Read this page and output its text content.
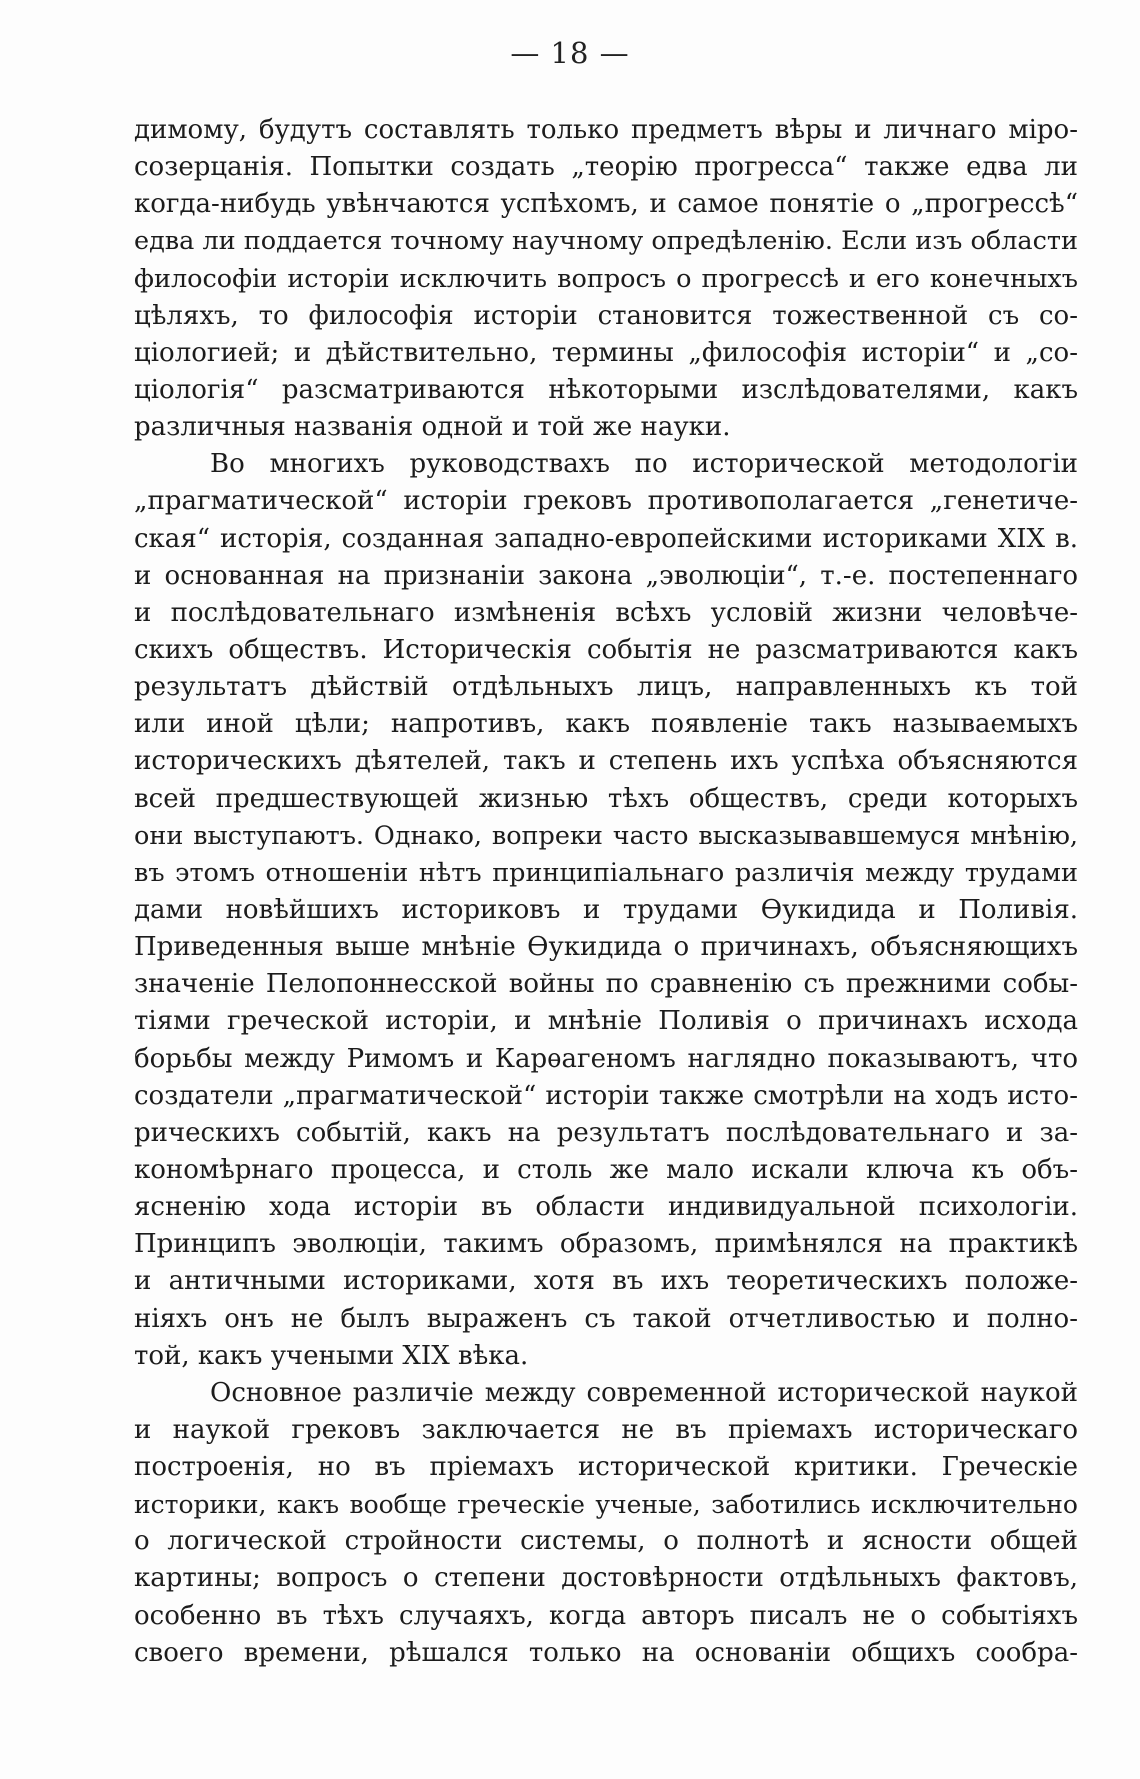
— 18 —
димому, будутъ составлять только предметъ вѣры и личнаго міро-
созерцанія. Попытки создать „теорію прогресса“ также едва ли
когда-нибудь увѣнчаются успѣхомъ, и самое понятіе о „прогрессѣ“
едва ли поддается точному научному опредѣленію. Если изъ области
философіи исторіи исключить вопросъ о прогрессѣ и его конечныхъ
цѣляхъ, то философія исторіи становится тожественной съ со-
ціологией; и дѣйствительно, термины „философія исторіи“ и „со-
ціологія“ разсматриваются нѣкоторыми изслѣдователями, какъ
различныя названія одной и той же науки.
Во многихъ руководствахъ по исторической методологіи
„прагматической“ исторіи грековъ противополагается „генетиче-
ская“ исторія, созданная западно-европейскими историками XIX в.
и основанная на признаніи закона „эволюціи“, т.-е. постепеннаго
и послѣдовательнаго измѣненія всѣхъ условій жизни человѣче-
скихъ обществъ. Историческія событія не разсматриваются какъ
результатъ дѣйствій отдѣльныхъ лицъ, направленныхъ къ той
или иной цѣли; напротивъ, какъ появленіе такъ называемыхъ
историческихъ дѣятелей, такъ и степень ихъ успѣха объясняются
всей предшествующей жизнью тѣхъ обществъ, среди которыхъ
они выступаютъ. Однако, вопреки часто высказывавшемуся мнѣнію,
въ этомъ отношеніи нѣтъ принципіальнаго различія между трудами
дами новѣйшихъ историковъ и трудами Ѳукидида и Поливія.
Приведенныя выше мнѣніе Ѳукидида о причинахъ, объясняющихъ
значеніе Пелопоннесской войны по сравненію съ прежними собы-
тіями греческой исторіи, и мнѣніе Поливія о причинахъ исхода
борьбы между Римомъ и Карѳагеномъ наглядно показываютъ, что
создатели „прагматической“ исторіи также смотрѣли на ходъ исто-
рическихъ событій, какъ на результатъ послѣдовательнаго и за-
кономѣрнаго процесса, и столь же мало искали ключа къ объ-
ясненію хода исторіи въ области индивидуальной психологіи.
Принципъ эволюціи, такимъ образомъ, примѣнялся на практикѣ
и античными историками, хотя въ ихъ теоретическихъ положе-
ніяхъ онъ не былъ выраженъ съ такой отчетливостью и полно-
той, какъ учеными XIX вѣка.
Основное различіе между современной исторической наукой
и наукой грековъ заключается не въ пріемахъ историческаго
построенія, но въ пріемахъ исторической критики. Греческіе
историки, какъ вообще греческіе ученые, заботились исключительно
о логической стройности системы, о полнотѣ и ясности общей
картины; вопросъ о степени достовѣрности отдѣльныхъ фактовъ,
особенно въ тѣхъ случаяхъ, когда авторъ писалъ не о событіяхъ
своего времени, рѣшался только на основаніи общихъ сообра-
